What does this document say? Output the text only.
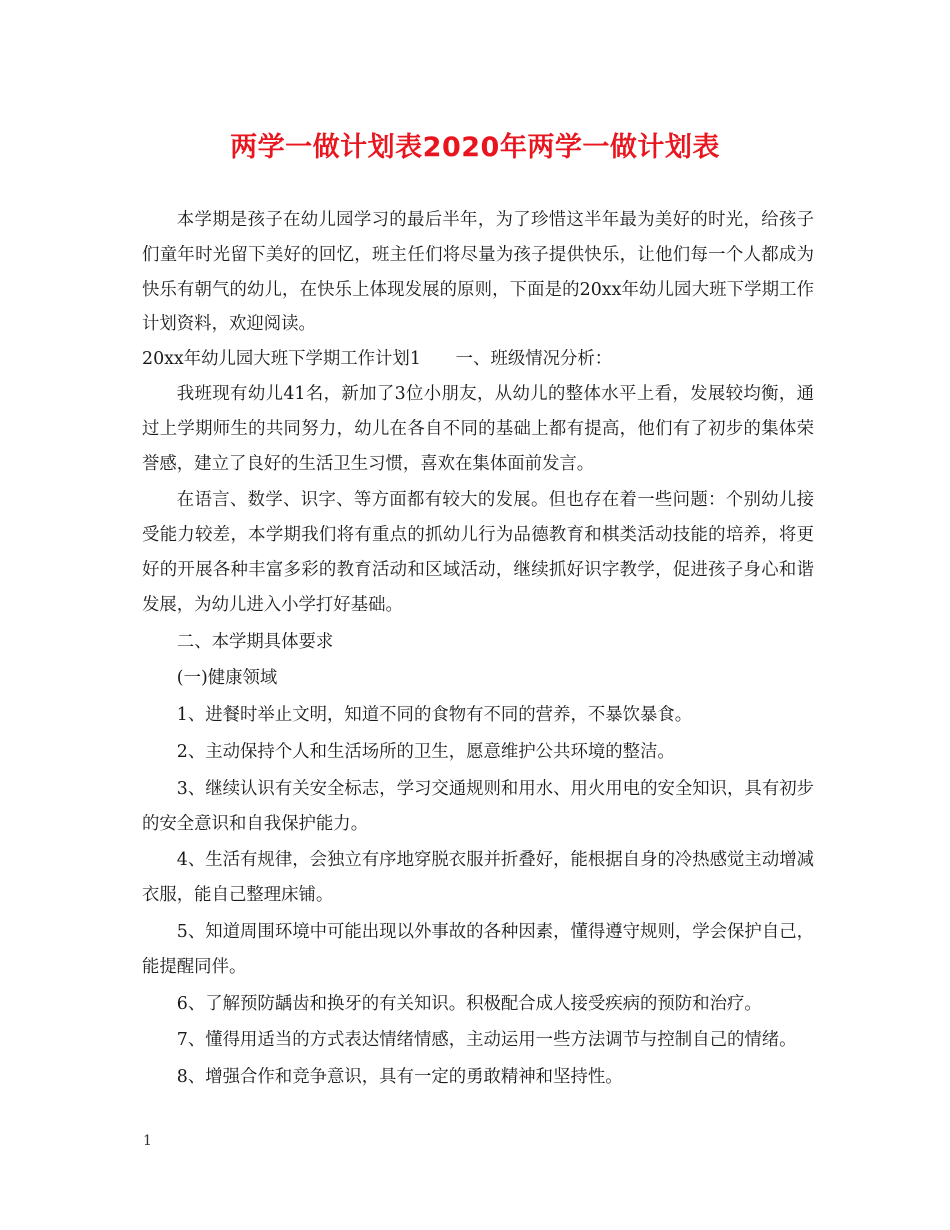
两学一做计划表2020年两学一做计划表

本学期是孩子在幼儿园学习的最后半年，为了珍惜这半年最为美好的时光，给孩子们童年时光留下美好的回忆，班主任们将尽量为孩子提供快乐，让他们每一个人都成为快乐有朝气的幼儿，在快乐上体现发展的原则，下面是的20xx年幼儿园大班下学期工作计划资料，欢迎阅读。

20xx年幼儿园大班下学期工作计划1　　一、班级情况分析：

我班现有幼儿41名，新加了3位小朋友，从幼儿的整体水平上看，发展较均衡，通过上学期师生的共同努力，幼儿在各自不同的基础上都有提高，他们有了初步的集体荣誉感，建立了良好的生活卫生习惯，喜欢在集体面前发言。

在语言、数学、识字、等方面都有较大的发展。但也存在着一些问题：个别幼儿接受能力较差，本学期我们将有重点的抓幼儿行为品德教育和棋类活动技能的培养，将更好的开展各种丰富多彩的教育活动和区域活动，继续抓好识字教学，促进孩子身心和谐发展，为幼儿进入小学打好基础。

二、本学期具体要求

(一)健康领域

1、进餐时举止文明，知道不同的食物有不同的营养，不暴饮暴食。

2、主动保持个人和生活场所的卫生，愿意维护公共环境的整洁。

3、继续认识有关安全标志，学习交通规则和用水、用火用电的安全知识，具有初步的安全意识和自我保护能力。

4、生活有规律，会独立有序地穿脱衣服并折叠好，能根据自身的冷热感觉主动增减衣服，能自己整理床铺。

5、知道周围环境中可能出现以外事故的各种因素，懂得遵守规则，学会保护自己，能提醒同伴。

6、了解预防龋齿和换牙的有关知识。积极配合成人接受疾病的预防和治疗。

7、懂得用适当的方式表达情绪情感，主动运用一些方法调节与控制自己的情绪。

8、增强合作和竞争意识，具有一定的勇敢精神和坚持性。

1
